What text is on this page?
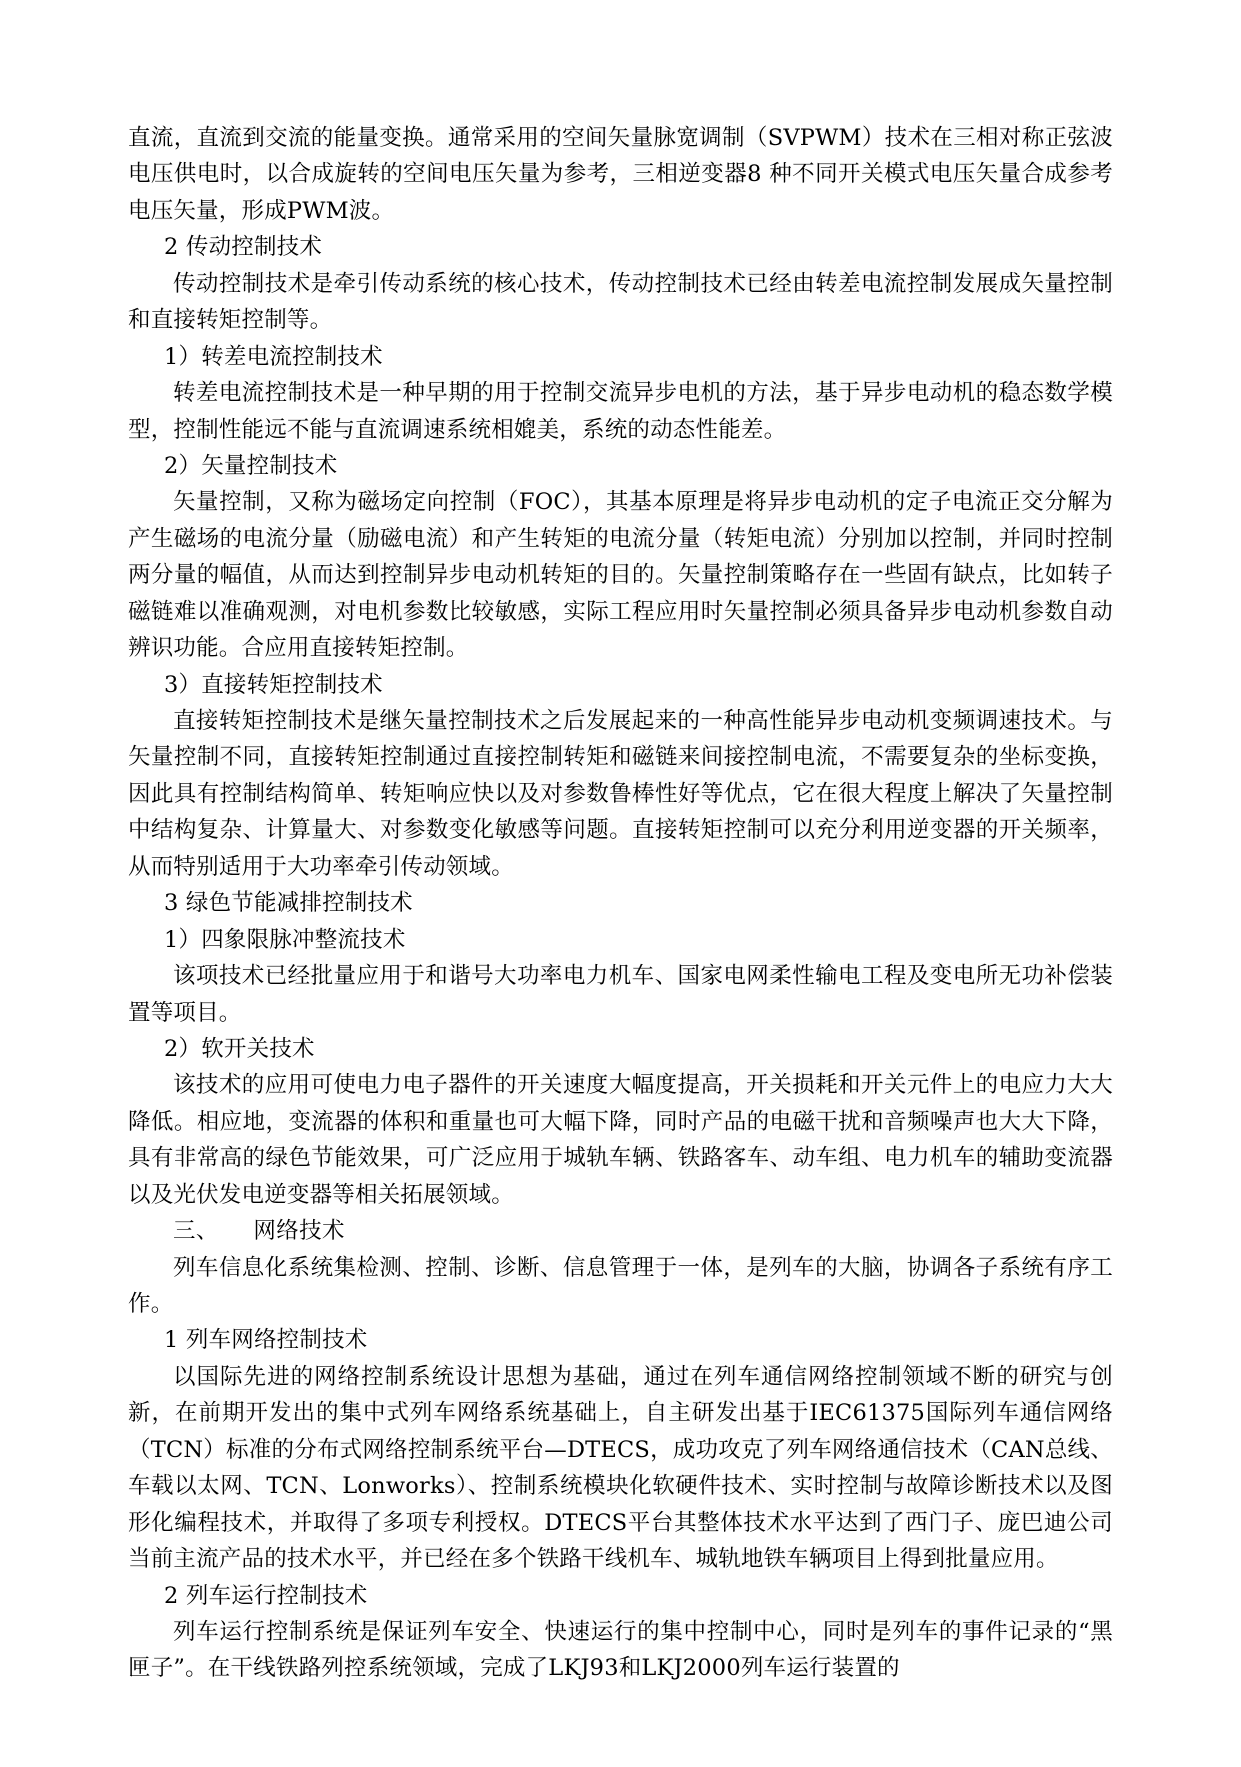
直流，直流到交流的能量变换。通常采用的空间矢量脉宽调制（SVPWM）技术在三相对称正弦波电压供电时，以合成旋转的空间电压矢量为参考，三相逆变器8 种不同开关模式电压矢量合成参考电压矢量，形成PWM波。

2 传动控制技术

传动控制技术是牵引传动系统的核心技术，传动控制技术已经由转差电流控制发展成矢量控制和直接转矩控制等。

1）转差电流控制技术

转差电流控制技术是一种早期的用于控制交流异步电机的方法，基于异步电动机的稳态数学模型，控制性能远不能与直流调速系统相媲美，系统的动态性能差。

2）矢量控制技术

矢量控制，又称为磁场定向控制（FOC），其基本原理是将异步电动机的定子电流正交分解为产生磁场的电流分量（励磁电流）和产生转矩的电流分量（转矩电流）分别加以控制，并同时控制两分量的幅值，从而达到控制异步电动机转矩的目的。矢量控制策略存在一些固有缺点，比如转子磁链难以准确观测，对电机参数比较敏感，实际工程应用时矢量控制必须具备异步电动机参数自动辨识功能。合应用直接转矩控制。

3）直接转矩控制技术

直接转矩控制技术是继矢量控制技术之后发展起来的一种高性能异步电动机变频调速技术。与矢量控制不同，直接转矩控制通过直接控制转矩和磁链来间接控制电流，不需要复杂的坐标变换，因此具有控制结构简单、转矩响应快以及对参数鲁棒性好等优点，它在很大程度上解决了矢量控制中结构复杂、计算量大、对参数变化敏感等问题。直接转矩控制可以充分利用逆变器的开关频率，从而特别适用于大功率牵引传动领域。

3 绿色节能减排控制技术

1）四象限脉冲整流技术

该项技术已经批量应用于和谐号大功率电力机车、国家电网柔性输电工程及变电所无功补偿装置等项目。

2）软开关技术

该技术的应用可使电力电子器件的开关速度大幅度提高，开关损耗和开关元件上的电应力大大降低。相应地，变流器的体积和重量也可大幅下降，同时产品的电磁干扰和音频噪声也大大下降，具有非常高的绿色节能效果，可广泛应用于城轨车辆、铁路客车、动车组、电力机车的辅助变流器以及光伏发电逆变器等相关拓展领域。

三、　　网络技术

列车信息化系统集检测、控制、诊断、信息管理于一体，是列车的大脑，协调各子系统有序工作。

1 列车网络控制技术

以国际先进的网络控制系统设计思想为基础，通过在列车通信网络控制领域不断的研究与创新，在前期开发出的集中式列车网络系统基础上，自主研发出基于IEC61375国际列车通信网络（TCN）标准的分布式网络控制系统平台—DTECS，成功攻克了列车网络通信技术（CAN总线、车载以太网、TCN、Lonworks）、控制系统模块化软硬件技术、实时控制与故障诊断技术以及图形化编程技术，并取得了多项专利授权。DTECS平台其整体技术水平达到了西门子、庞巴迪公司当前主流产品的技术水平，并已经在多个铁路干线机车、城轨地铁车辆项目上得到批量应用。

2 列车运行控制技术

列车运行控制系统是保证列车安全、快速运行的集中控制中心，同时是列车的事件记录的“黑匣子”。在干线铁路列控系统领域，完成了LKJ93和LKJ2000列车运行装置的
